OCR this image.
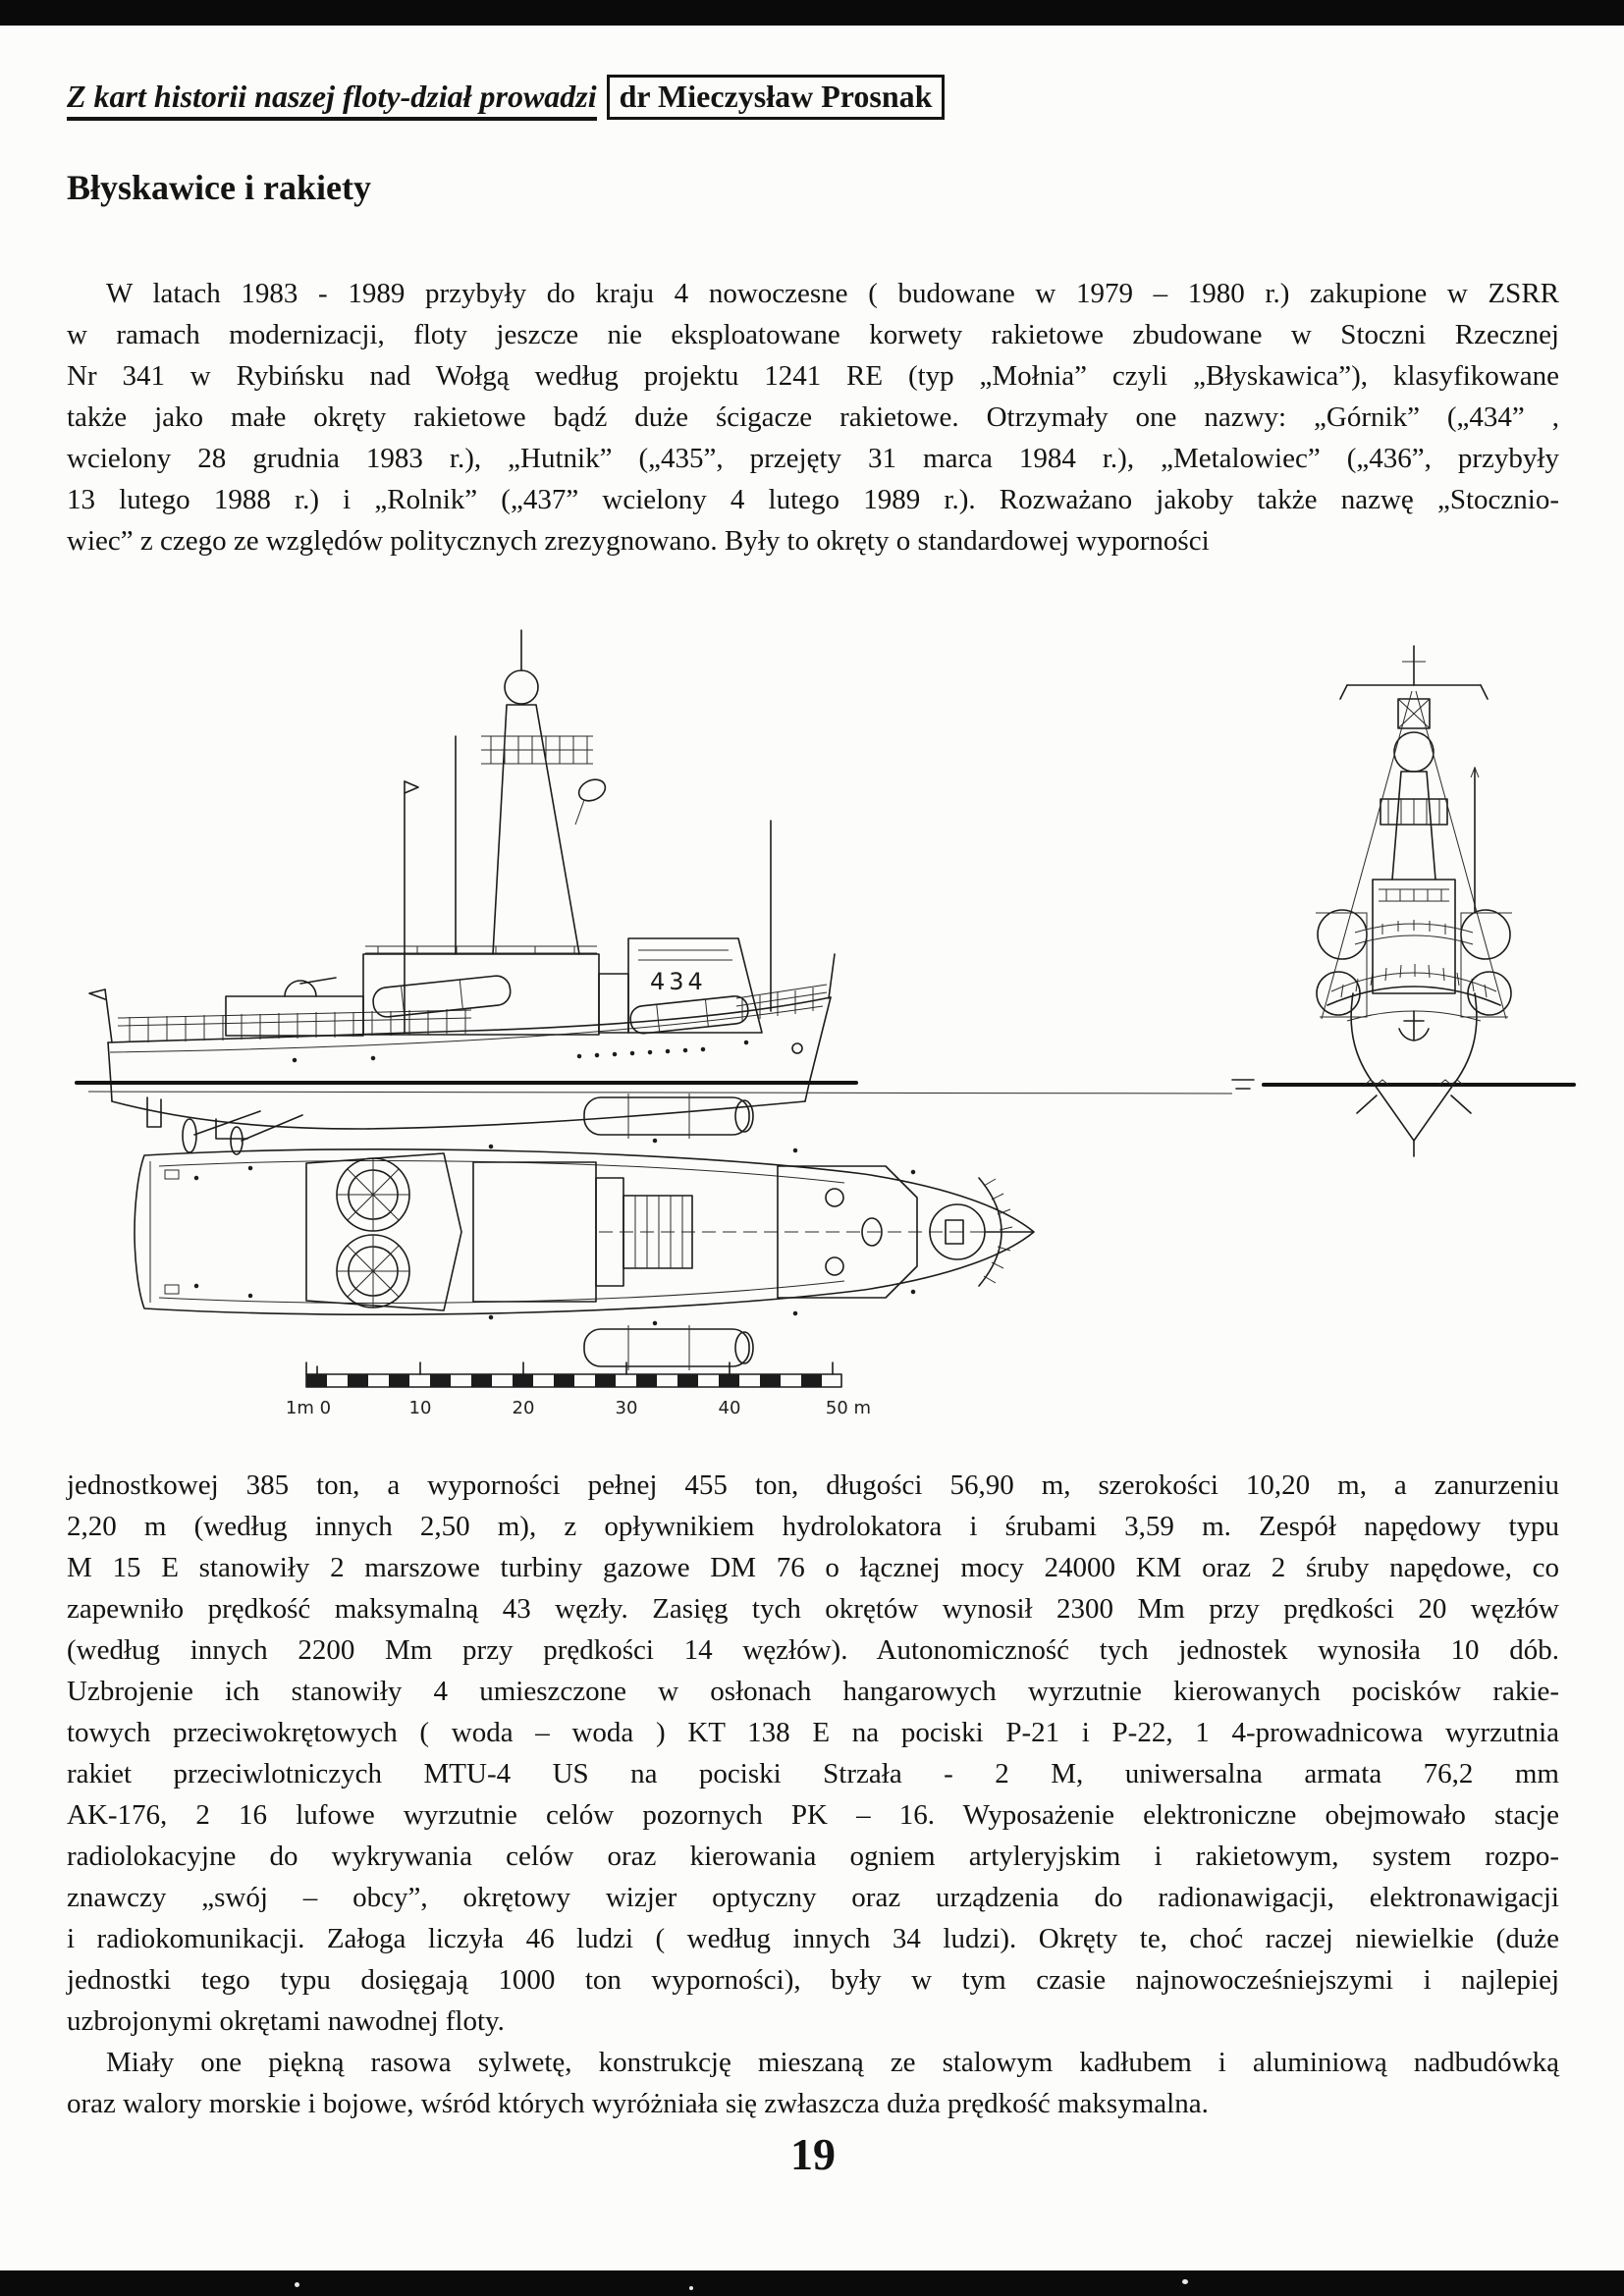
Z kart historii naszej floty-dział prowadzi dr Mieczysław Prosnak
Błyskawice i rakiety
W latach 1983 - 1989 przybyły do kraju 4 nowoczesne ( budowane w 1979 – 1980 r.) zakupione w ZSRR
w ramach modernizacji, floty jeszcze nie eksploatowane korwety rakietowe zbudowane w Stoczni Rzecznej
Nr 341 w Rybińsku nad Wołgą według projektu 1241 RE (typ „Mołnia” czyli „Błyskawica”), klasyfikowane
także jako małe okręty rakietowe bądź duże ścigacze rakietowe. Otrzymały one nazwy: „Górnik” („434” ,
wcielony 28 grudnia 1983 r.), „Hutnik” („435”, przejęty 31 marca 1984 r.), „Metalowiec” („436”, przybyły
13 lutego 1988 r.) i „Rolnik” („437” wcielony 4 lutego 1989 r.). Rozważano jakoby także nazwę „Stocznio-
wiec” z czego ze względów politycznych zrezygnowano. Były to okręty o standardowej wyporności
434
1m 0	10	20	30	40	50 m
jednostkowej 385 ton, a wyporności pełnej 455 ton, długości 56,90 m, szerokości 10,20 m, a zanurzeniu
2,20 m (według innych 2,50 m), z opływnikiem hydrolokatora i śrubami 3,59 m. Zespół napędowy typu
M 15 E stanowiły 2 marszowe turbiny gazowe DM 76 o łącznej mocy 24000 KM oraz 2 śruby napędowe, co
zapewniło prędkość maksymalną 43 węzły. Zasięg tych okrętów wynosił 2300 Mm przy prędkości 20 węzłów
(według innych 2200 Mm przy prędkości 14 węzłów). Autonomiczność tych jednostek wynosiła 10 dób.
Uzbrojenie ich stanowiły 4 umieszczone w osłonach hangarowych wyrzutnie kierowanych pocisków rakie-
towych przeciwokrętowych ( woda – woda ) KT 138 E na pociski P-21 i P-22, 1 4-prowadnicowa wyrzutnia
rakiet przeciwlotniczych MTU-4 US na pociski Strzała - 2 M, uniwersalna armata 76,2 mm
AK-176, 2 16 lufowe wyrzutnie celów pozornych PK – 16. Wyposażenie elektroniczne obejmowało stacje
radiolokacyjne do wykrywania celów oraz kierowania ogniem artyleryjskim i rakietowym, system rozpo-
znawczy „swój – obcy”, okrętowy wizjer optyczny oraz urządzenia do radionawigacji, elektronawigacji
i radiokomunikacji. Załoga liczyła 46 ludzi ( według innych 34 ludzi). Okręty te, choć raczej niewielkie (duże
jednostki tego typu dosięgają 1000 ton wyporności), były w tym czasie najnowocześniejszymi i najlepiej
uzbrojonymi okrętami nawodnej floty.
Miały one piękną rasowa sylwetę, konstrukcję mieszaną ze stalowym kadłubem i aluminiową nadbudówką
oraz walory morskie i bojowe, wśród których wyróżniała się zwłaszcza duża prędkość maksymalna.
19
